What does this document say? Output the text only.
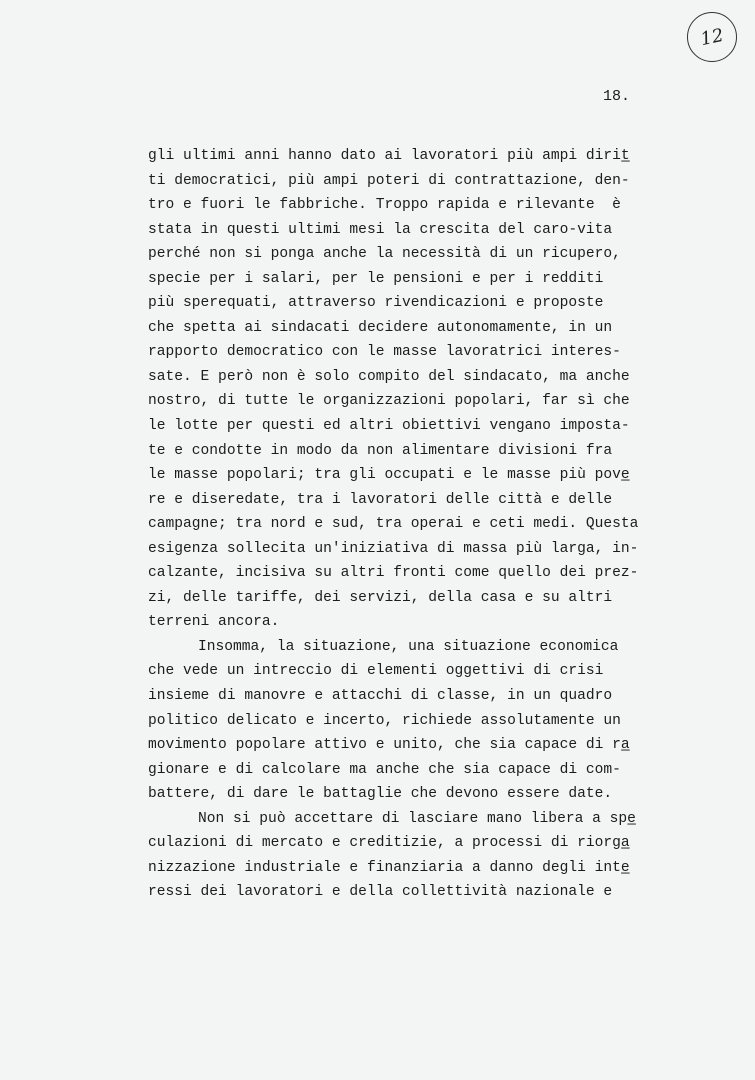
12
18.
gli ultimi anni hanno dato ai lavoratori più ampi dirit̲
ti democratici, più ampi poteri di contrattazione, den-
tro e fuori le fabbriche. Troppo rapida e rilevante  è
stata in questi ultimi mesi la crescita del caro-vita
perché non si ponga anche la necessità di un ricupero,
specie per i salari, per le pensioni e per i redditi
più sperequati, attraverso rivendicazioni e proposte
che spetta ai sindacati decidere autonomamente, in un
rapporto democratico con le masse lavoratrici interes-
sate. E però non è solo compito del sindacato, ma anche
nostro, di tutte le organizzazioni popolari, far sì che
le lotte per questi ed altri obiettivi vengano imposta-
te e condotte in modo da non alimentare divisioni fra
le masse popolari; tra gli occupati e le masse più pove̲
re e diseredate, tra i lavoratori delle città e delle
campagne; tra nord e sud, tra operai e ceti medi. Questa
esigenza sollecita un'iniziativa di massa più larga, in-
calzante, incisiva su altri fronti come quello dei prez-
zi, delle tariffe, dei servizi, della casa e su altri
terreni ancora.
Insomma, la situazione, una situazione economica
che vede un intreccio di elementi oggettivi di crisi
insieme di manovre e attacchi di classe, in un quadro
politico delicato e incerto, richiede assolutamente un
movimento popolare attivo e unito, che sia capace di ra̲
gionare e di calcolare ma anche che sia capace di com-
battere, di dare le battaglie che devono essere date.
Non si può accettare di lasciare mano libera a spe̲
culazioni di mercato e creditizie, a processi di riorga̲
nizzazione industriale e finanziaria a danno degli inte̲
ressi dei lavoratori e della collettività nazionale e
